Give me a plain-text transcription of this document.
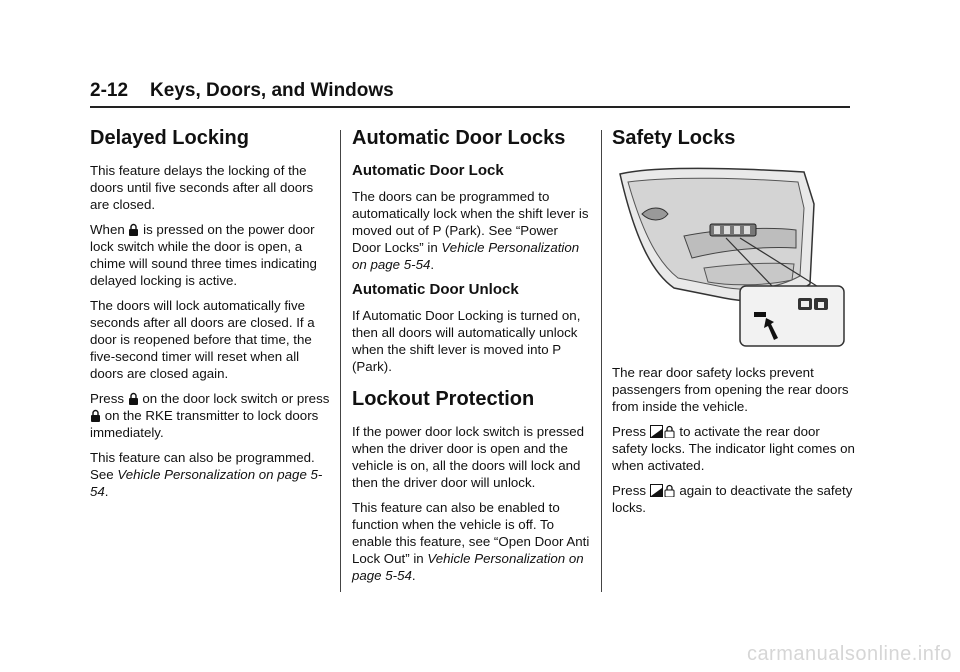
2-12 Keys, Doors, and Windows
Delayed Locking

This feature delays the locking of the doors until five seconds after all doors are closed.

When
is pressed on the power door lock switch while the door is open, a chime will sound three times indicating delayed locking is active.

The doors will lock automatically five seconds after all doors are closed. If a door is reopened before that time, the five-second timer will reset when all doors are closed again.

Press
on the door lock switch or press
on the RKE transmitter to lock doors immediately.

This feature can also be programmed. See Vehicle Personalization on page 5-54.

Automatic Door Locks
Automatic Door Lock

The doors can be programmed to automatically lock when the shift lever is moved out of P (Park). See “Power Door Locks” in Vehicle Personalization on page 5-54.

Automatic Door Unlock

If Automatic Door Locking is turned on, then all doors will automatically unlock when the shift lever is moved into P (Park).

Lockout Protection

If the power door lock switch is pressed when the driver door is open and the vehicle is on, all the doors will lock and then the driver door will unlock.

This feature can also be enabled to function when the vehicle is off. To enable this feature, see “Open Door Anti Lock Out” in Vehicle Personalization on page 5-54.

Safety Locks

The rear door safety locks prevent passengers from opening the rear doors from inside the vehicle.

Press
to activate the rear door safety locks. The indicator light comes on when activated.

Press
again to deactivate the safety locks.

carmanualsonline.info
